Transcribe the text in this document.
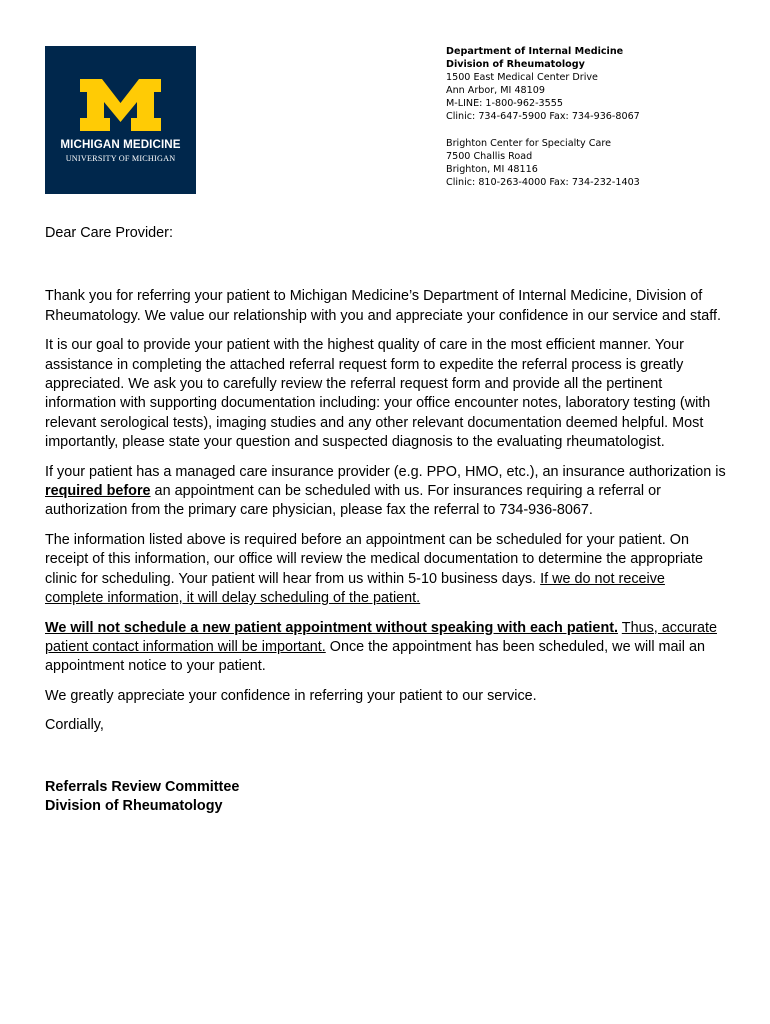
MICHIGAN MEDICINE
UNIVERSITY OF MICHIGAN
Department of Internal Medicine
Division of Rheumatology
1500 East Medical Center Drive
Ann Arbor, MI 48109
M-LINE: 1-800-962-3555
Clinic: 734-647-5900 Fax: 734-936-8067
Brighton Center for Specialty Care
7500 Challis Road
Brighton, MI 48116
Clinic: 810-263-4000 Fax: 734-232-1403

Dear Care Provider:

Thank you for referring your patient to Michigan Medicine’s Department of Internal Medicine, Division of Rheumatology. We value our relationship with you and appreciate your confidence in our service and staff.

It is our goal to provide your patient with the highest quality of care in the most efficient manner. Your assistance in completing the attached referral request form to expedite the referral process is greatly appreciated. We ask you to carefully review the referral request form and provide all the pertinent information with supporting documentation including: your office encounter notes, laboratory testing (with relevant serological tests), imaging studies and any other relevant documentation deemed helpful. Most importantly, please state your question and suspected diagnosis to the evaluating rheumatologist.

If your patient has a managed care insurance provider (e.g. PPO, HMO, etc.), an insurance authorization is required before an appointment can be scheduled with us. For insurances requiring a referral or authorization from the primary care physician, please fax the referral to 734-936-8067.

The information listed above is required before an appointment can be scheduled for your patient. On receipt of this information, our office will review the medical documentation to determine the appropriate clinic for scheduling. Your patient will hear from us within 5-10 business days. If we do not receive complete information, it will delay scheduling of the patient.

We will not schedule a new patient appointment without speaking with each patient. Thus, accurate patient contact information will be important. Once the appointment has been scheduled, we will mail an appointment notice to your patient.

We greatly appreciate your confidence in referring your patient to our service.

Cordially,

Referrals Review Committee
Division of Rheumatology
